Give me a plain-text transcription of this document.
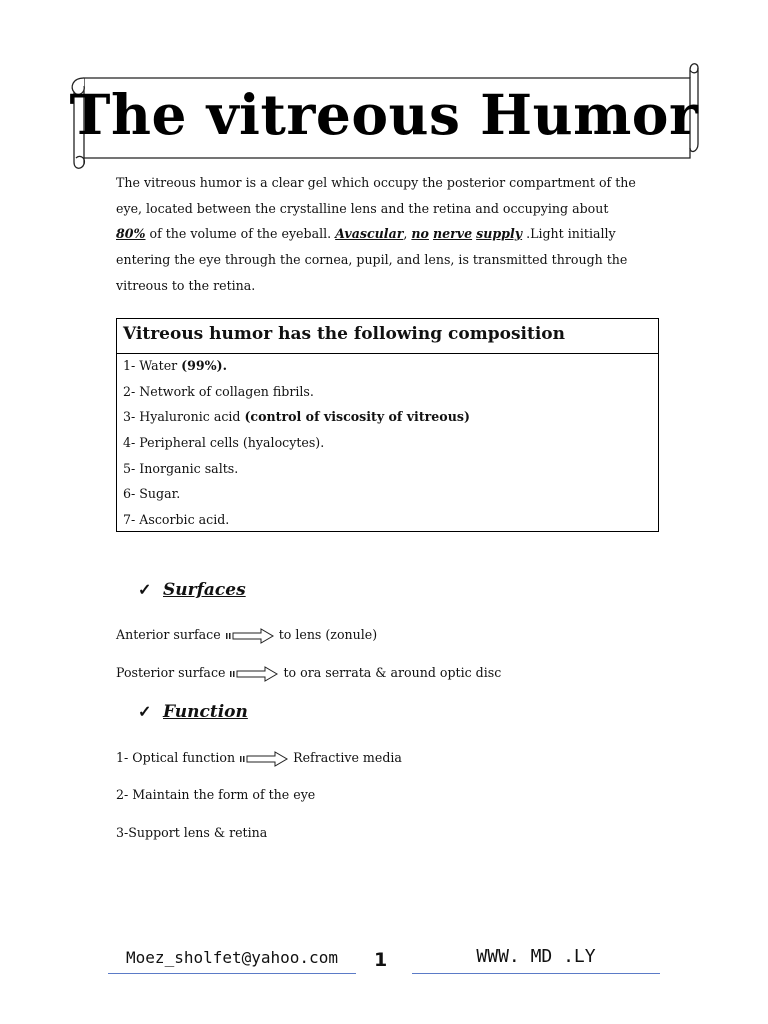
The vitreous Humor
The vitreous humor is a clear gel which occupy the posterior compartment of the
eye, located between the crystalline lens and the retina and occupying about
80% of the volume of the eyeball. Avascular, no nerve supply .Light initially
entering the eye through the cornea, pupil, and lens, is transmitted through the
vitreous to the retina.
Vitreous humor has the following composition
1- Water (99%).
2- Network of collagen fibrils.
3- Hyaluronic acid (control of viscosity of vitreous)
4- Peripheral cells (hyalocytes).
5- Inorganic salts.
6- Sugar.
7- Ascorbic acid.
✓ Surfaces
Anterior surface	to lens (zonule)
Posterior surface	to ora serrata & around optic disc
✓ Function
1- Optical function	Refractive media
2- Maintain the form of the eye
3-Support lens & retina
Moez_sholfet@yahoo.com	1	WWW. MD .LY
